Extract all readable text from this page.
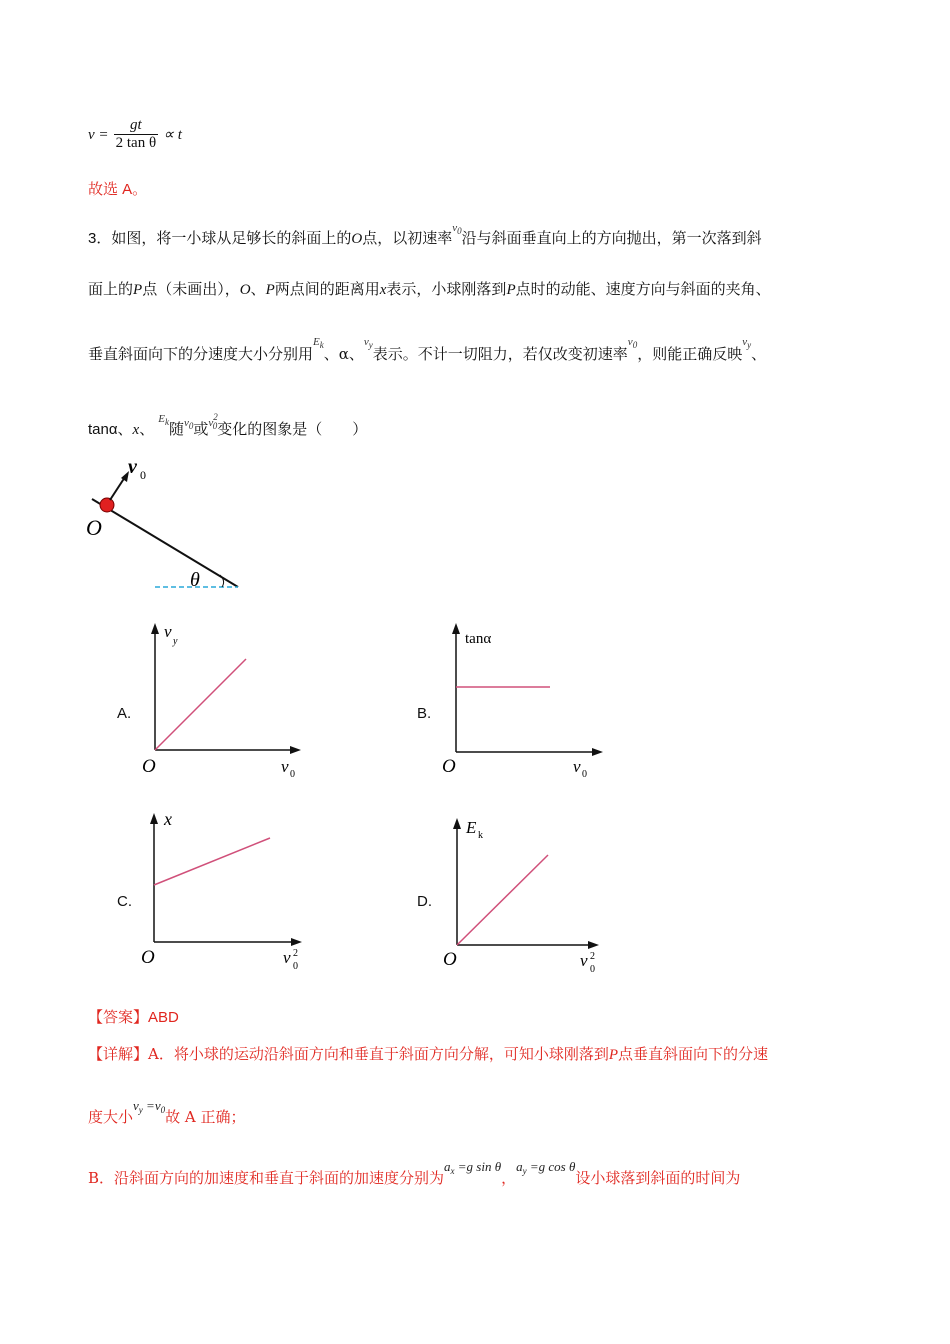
$v = \frac{gt}{\text{2 tan θ}} \propto t$
故选 A。
3．如图，将一小球从足够长的斜面上的O点，以初速率$^{v_0}$沿与斜面垂直向上的方向抛出，第一次落到斜
面上的P点（未画出），O、P两点间的距离用x表示，小球刚落到P点时的动能、速度方向与斜面的夹角、
垂直斜面向下的分速度大小分别用$^{E_k}$、α、$^{v_y}$表示。不计一切阻力，若仅改变初速率$^{v_0}$，则能正确反映$^{v_y}$、
tanα、x、$^{E_k}$随$^{v_0}$或$^{v^2_0}$变化的图象是（　　）
θ
v 0
O
A.
v
y
v 0
O
B.
tanα
v 0
O
C.
x
v 2
0
O
D.
E k
v 2
0
O
【答案】ABD
【详解】A．将小球的运动沿斜面方向和垂直于斜面方向分解，可知小球刚落到P点垂直斜面向下的分速
度大小$v_y =v_0$故 A 正确；
B．沿斜面方向的加速度和垂直于斜面的加速度分别为$a_x =g$ sin θ，$a_y =g$ cos θ设小球落到斜面的时间为
